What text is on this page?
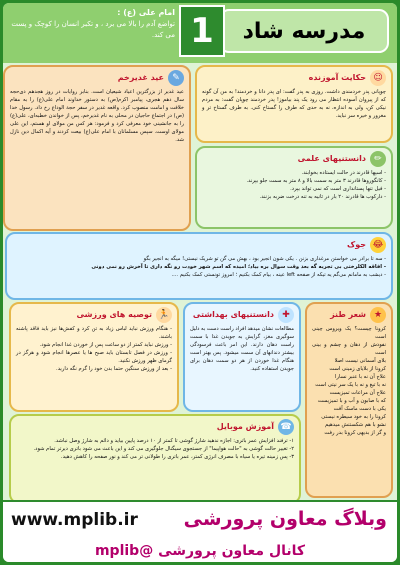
مدرسه شاد
1
امام علی (ع) :
تواضع آدم را بالا می برد ، و تکبر انسان را کوچک و پست می کند.
☺
حکایت آموزنده
چوپانی پدر خردمندی داشت. روزی به پدر گفت: ای پدر دانا و خردمند! به من آن گونه که از پیروان آسوده انتظار می رود یک پند بیاموز! پدر خردمند چوپان گفت: به مردم نیکی کن، ولی به اندازه، نه به حدی که طرف را گستاخ کنی. به طرف گستاخ تر و مغرور و خیره سر نباید.
✎
عید غدیرخم
عید غدیر از بزرگترین اعیاد شیعیان است. بنابر روایات در روز هجدهم ذی‌حجه سال دهم هجری، پیامبر اکرم(ص) به دستور خداوند امام علی(ع) را به مقام خلافت و امامت منصوب کرد. واقعه غدیر در سفر حجة الوداع رخ داد. رسول خدا (ص) در اجتماع حاجیان در محلی به نام غدیرخم، پس از خواندن خطبه‌ای، علی(ع) را به جانشینی خود معرفی کرد و فرمود: هر کس من مولای او هستم، این علی مولای اوست. سپس مسلمانان با امام علی(ع) بیعت کردند و آیه اکمال دین نازل شد.
✏
دانستنیهای علمی
- اسپها قادرند در حالت ایستاده بخوابند.
- کانگوروها قادرند ۳ متر به سمت بالا و ۸ متر به سمت جلو بپرند.
- فیل تنها پستانداری است که نمی تواند بپرد.
- دارکوب ها قادرند ۲۰ بار در ثانیه به تنه درخت ضربه بزنند.
😂
جوک
- سه تا برادر می خواستن مرغداری بزنن . یکی شون انجیر بود ، بهش می گن تو شریک نیستی! میگه به انجیر بگو
- افاقه الکلرختی بی تجربه گه بعد وقت سوال بره بیاد؛ امیده که اسم شهر خودت رو نگه داری تا آخرش رو نمی دونی
- دیشب به مامانم می‌گم یه تیکه از صفحه left عینه ، بیام کمک بکنیم ؛ امروز تونستی کمک بکنیم ....
★
شعر طنز
کرونا چیست؟ یک ویروس چینی است
نفوذش از دهان و چشم و بینی است
بلای آسمانی نیست اصلا
کرونا از بلایای زمینی است
علاج آن نه با عنبر نسارا
نه با تیغ و نه با یک سر نیتی است
علاج آن مراعات تمیزیست
که با صابون و آب و با تمیزیست
یکی با دست ماسک آفت
کرونا را به خود سیطره نیستی
نشو با هم شکستنش میدهیم
و گر از بدیهی کرونا بدر رفت
✚
دانستنیهای بهداشتی
مطالعات نشان میدهد افراد راست دست به دلیل سوگیری مغز، گرایش به جویدن غذا با سمت راست دهان دارند. این امر باعث فرسودگی بیشتر دندانهای آن سمت میشود. پس بهتر است هنگام غذا خوردن از هر دو سمت دهان برای جویدن استفاده کنید.
🏃
توصیه های ورزشی
- هنگام ورزش نباید لباس زیاد به تن کرد و کفش‌ها نیز باید فاقد پاشنه باشند.
- ورزش نباید کمتر از دو ساعت پس از خوردن غذا انجام شود.
- ورزش در فصل تابستان باید صبح ها یا عصرها انجام شود و هرگز در گرمای ظهر ورزش نکنید.
- بعد از ورزش سنگین حتما بدن خود را گرم نگه دارید.
☎
آموزش موبایل
۱- ترفند افزایش عمر باتری: اجازه ندهید شارژ گوشی تا کمتر از ۱۰ درصد پایین بیاید و دائم به شارژ وصل نباشد.
۲- تغییر حالت گوشی به "حالت هواپیما" از جستجوی سیگنال جلوگیری می کند و این باعث می شود باتری دیرتر تمام شود.
۳- پس زمینه تیره یا سیاه با مصرف انرژی کمتر، عمر باتری را طولانی تر می کند و نور صفحه را کاهش دهید.
وبلاگ معاون پرورشی
www.mplib.ir
کانال معاون پرورشی @mplib
